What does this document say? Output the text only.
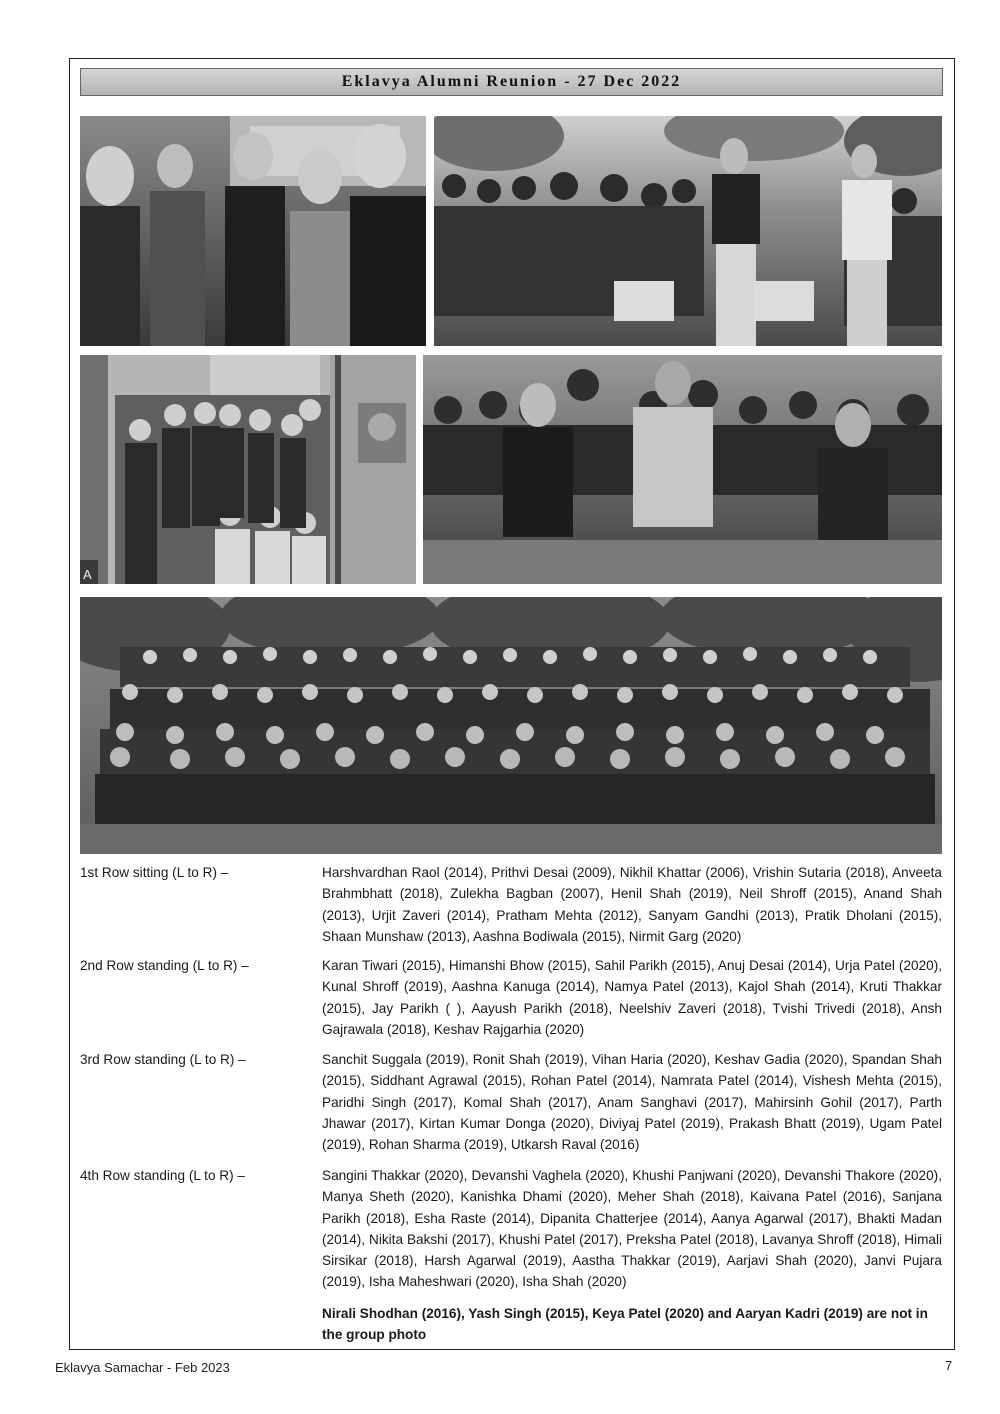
Eklavya Alumni Reunion - 27 Dec 2022
A
1st Row sitting (L to R) –	Harshvardhan Raol (2014), Prithvi Desai (2009), Nikhil Khattar (2006), Vrishin Sutaria (2018), Anveeta Brahmbhatt (2018), Zulekha Bagban (2007), Henil Shah (2019), Neil Shroff (2015), Anand Shah (2013), Urjit Zaveri (2014), Pratham Mehta (2012), Sanyam Gandhi (2013), Pratik Dholani (2015), Shaan Munshaw (2013), Aashna Bodiwala (2015), Nirmit Garg (2020)
2nd Row standing (L to R) –	Karan Tiwari (2015), Himanshi Bhow (2015), Sahil Parikh (2015), Anuj Desai (2014), Urja Patel (2020), Kunal Shroff (2019), Aashna Kanuga (2014), Namya Patel (2013), Kajol Shah (2014), Kruti Thakkar (2015), Jay Parikh ( ), Aayush Parikh (2018), Neelshiv Zaveri (2018), Tvishi Trivedi (2018), Ansh Gajrawala (2018), Keshav Rajgarhia (2020)
3rd Row standing (L to R) –	Sanchit Suggala (2019), Ronit Shah (2019), Vihan Haria (2020), Keshav Gadia (2020), Spandan Shah (2015), Siddhant Agrawal (2015), Rohan Patel (2014), Namrata Patel (2014), Vishesh Mehta (2015), Paridhi Singh (2017), Komal Shah (2017), Anam Sanghavi (2017), Mahirsinh Gohil (2017), Parth Jhawar (2017), Kirtan Kumar Donga (2020), Diviyaj Patel (2019), Prakash Bhatt (2019), Ugam Patel (2019), Rohan Sharma (2019), Utkarsh Raval (2016)
4th Row standing (L to R) –	Sangini Thakkar (2020), Devanshi Vaghela (2020), Khushi Panjwani (2020), Devanshi Thakore (2020), Manya Sheth (2020), Kanishka Dhami (2020), Meher Shah (2018), Kaivana Patel (2016), Sanjana Parikh (2018), Esha Raste (2014), Dipanita Chatterjee (2014), Aanya Agarwal (2017), Bhakti Madan (2014), Nikita Bakshi (2017), Khushi Patel (2017), Preksha Patel (2018), Lavanya Shroff (2018), Himali Sirsikar (2018), Harsh Agarwal (2019), Aastha Thakkar (2019), Aarjavi Shah (2020), Janvi Pujara (2019), Isha Maheshwari (2020), Isha Shah (2020)
Nirali Shodhan (2016), Yash Singh (2015), Keya Patel (2020) and Aaryan Kadri (2019) are not in the group photo
Eklavya Samachar - Feb 2023	7
